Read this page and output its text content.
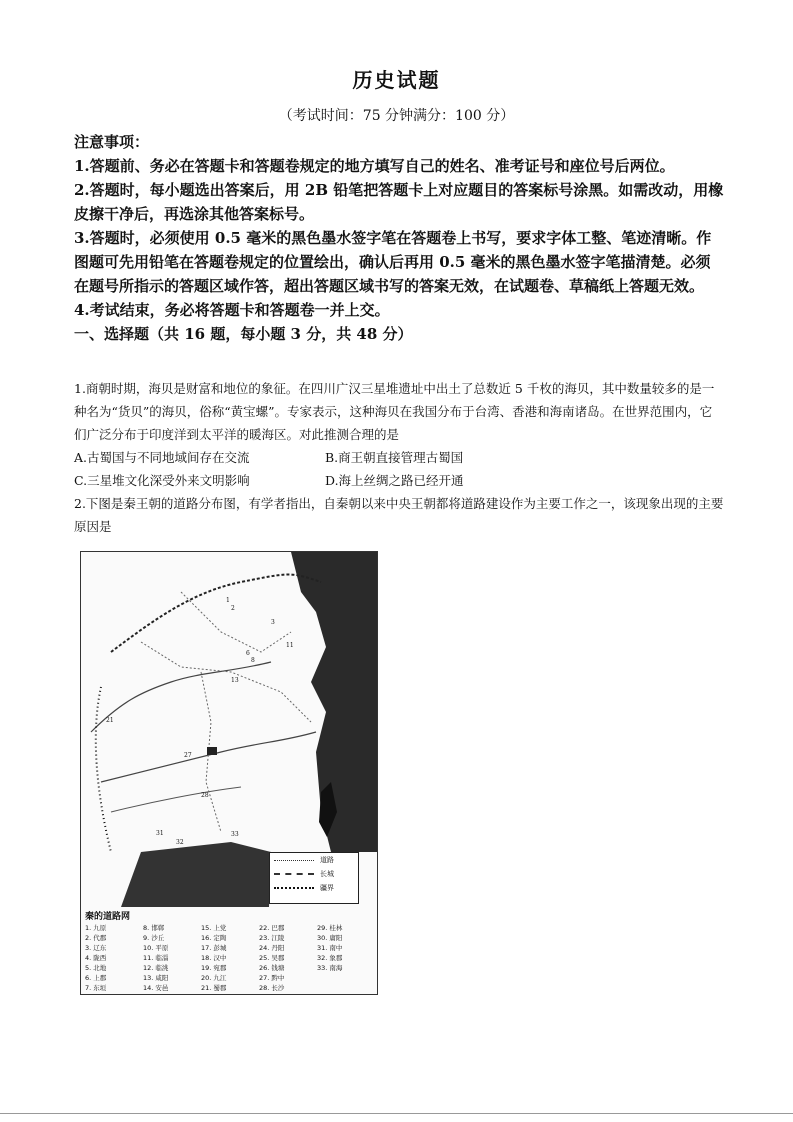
历史试题
（考试时间：75 分钟满分：100 分）

注意事项：

1.答题前、务必在答题卡和答题卷规定的地方填写自己的姓名、准考证号和座位号后两位。

2.答题时，每小题选出答案后，用 2B 铅笔把答题卡上对应题目的答案标号涂黑。如需改动，用橡皮擦干净后，再选涂其他答案标号。

3.答题时，必须使用 0.5 毫米的黑色墨水签字笔在答题卷上书写，要求字体工整、笔迹清晰。作图题可先用铅笔在答题卷规定的位置绘出，确认后再用 0.5 毫米的黑色墨水签字笔描清楚。必须在题号所指示的答题区域作答，超出答题区域书写的答案无效，在试题卷、草稿纸上答题无效。

4.考试结束，务必将答题卡和答题卷一并上交。

一、选择题（共 16 题，每小题 3 分，共 48 分）

1.商朝时期，海贝是财富和地位的象征。在四川广汉三星堆遗址中出土了总数近 5 千枚的海贝，其中数量较多的是一种名为“货贝”的海贝，俗称“黄宝螺”。专家表示，这种海贝在我国分布于台湾、香港和海南诸岛。在世界范围内，它们广泛分布于印度洋到太平洋的暖海区。对此推测合理的是

A.古蜀国与不同地域间存在交流	B.商王朝直接管理古蜀国
C.三星堆文化深受外来文明影响	D.海上丝绸之路已经开通

2.下图是秦王朝的道路分布图，有学者指出，自秦朝以来中央王朝都将道路建设作为主要工作之一，该现象出现的主要原因是

1
2
3
6
8
11
13
21
27
28
31
32
33
道路
长城
疆界
秦的道路网
1. 九原	8. 邯郸	15. 上党	22. 巴郡	29. 桂林
2. 代郡	9. 沙丘	16. 定陶	23. 江陵	30. 庸阳
3. 辽东	10. 平原	17. 彭城	24. 丹阳	31. 南中
4. 陇西	11. 临淄	18. 汉中	25. 吴郡	32. 象郡
5. 北地	12. 临洮	19. 宛郡	26. 钱塘	33. 南海
6. 上郡	13. 咸阳	20. 九江	27. 黔中
7. 东垣	14. 安邑	21. 蜀郡	28. 长沙
